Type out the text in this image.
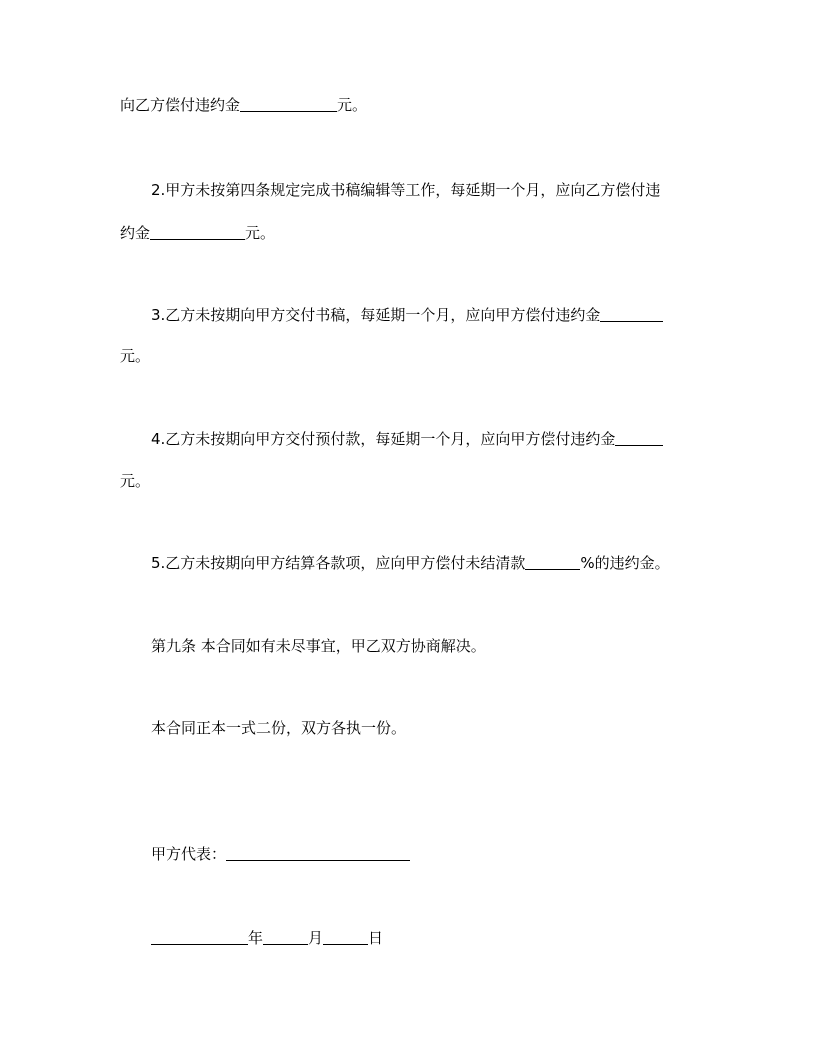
向乙方偿付违约金	元。
2.甲方未按第四条规定完成书稿编辑等工作，每延期一个月，应向乙方偿付违
约金	元。
3.乙方未按期向甲方交付书稿，每延期一个月，应向甲方偿付违约金
元。
4.乙方未按期向甲方交付预付款，每延期一个月，应向甲方偿付违约金
元。
5.乙方未按期向甲方结算各款项，应向甲方偿付未结清款	%的违约金。
第九条 本合同如有未尽事宜，甲乙双方协商解决。
本合同正本一式二份，双方各执一份。
甲方代表：
年	月	日
